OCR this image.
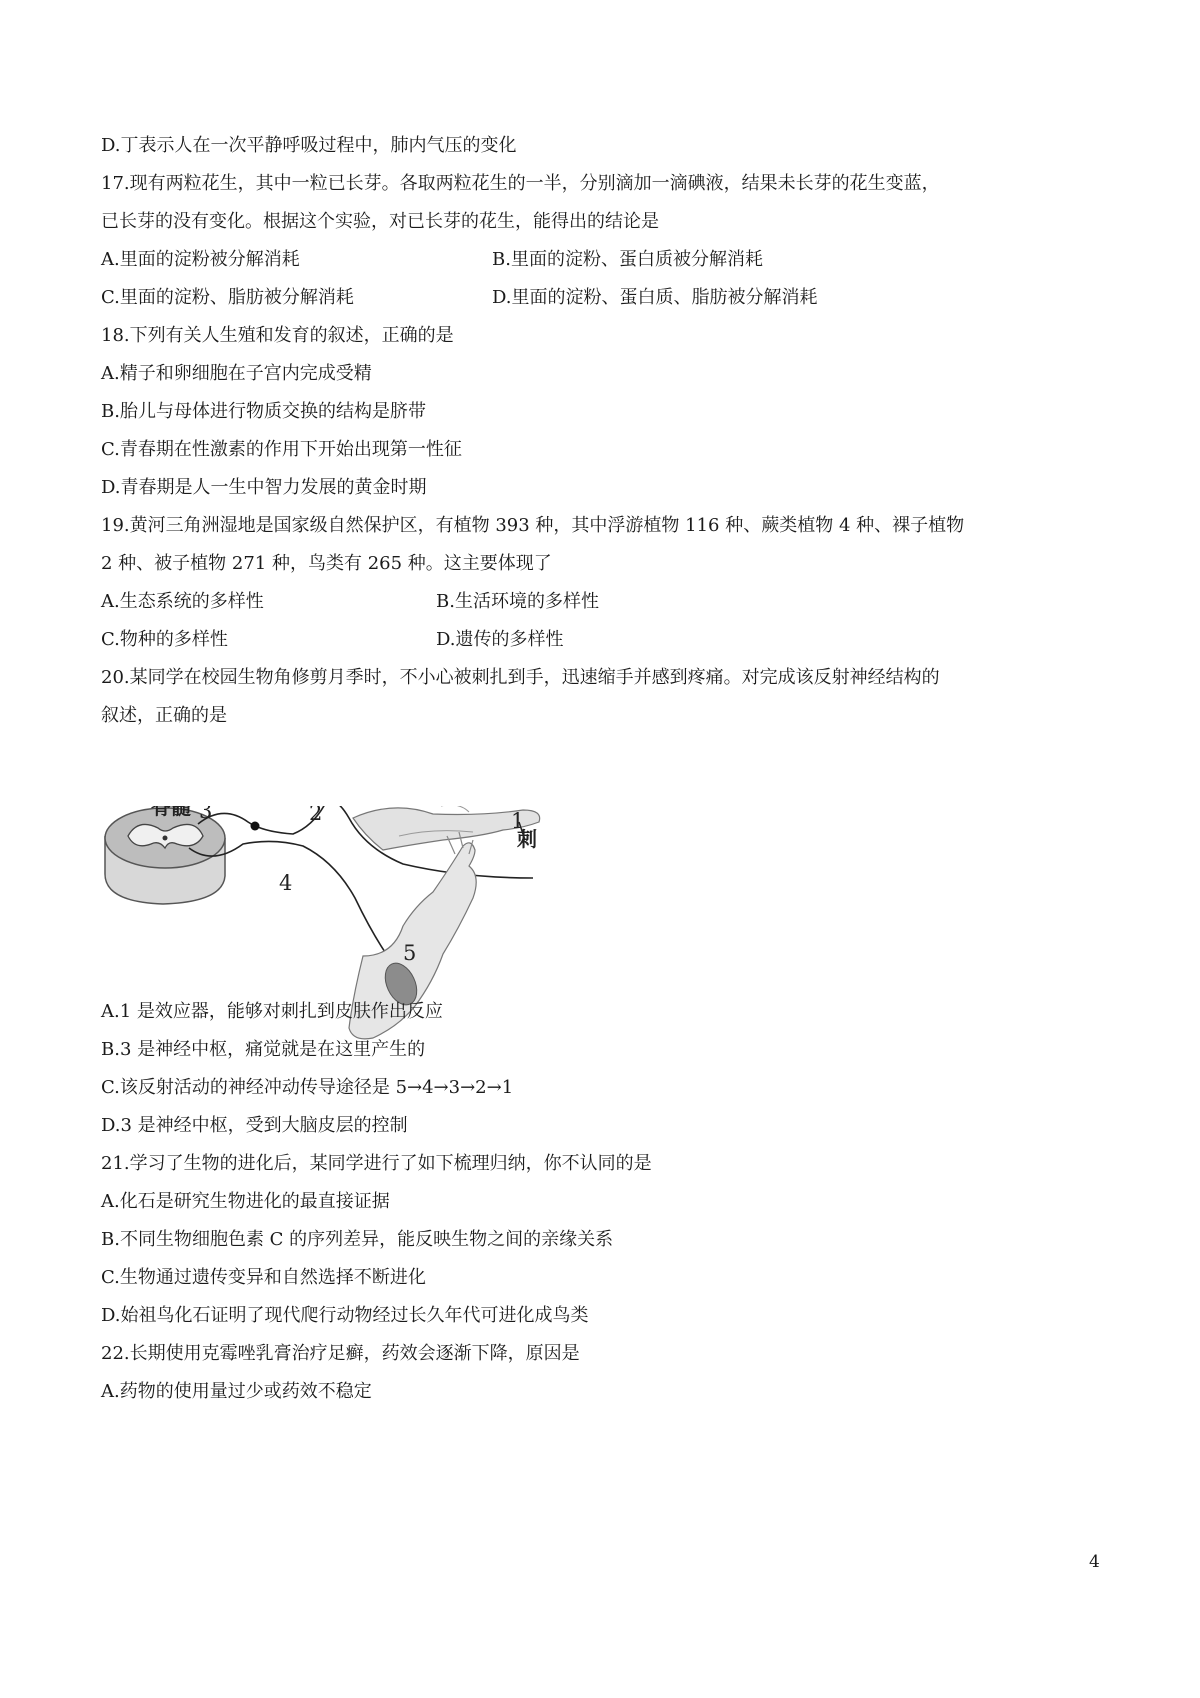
D.丁表示人在一次平静呼吸过程中，肺内气压的变化

17.现有两粒花生，其中一粒已长芽。各取两粒花生的一半，分别滴加一滴碘液，结果未长芽的花生变蓝，

已长芽的没有变化。根据这个实验，对已长芽的花生，能得出的结论是

A.里面的淀粉被分解消耗	B.里面的淀粉、蛋白质被分解消耗

C.里面的淀粉、脂肪被分解消耗	D.里面的淀粉、蛋白质、脂肪被分解消耗

18.下列有关人生殖和发育的叙述，正确的是

A.精子和卵细胞在子宫内完成受精

B.胎儿与母体进行物质交换的结构是脐带

C.青春期在性激素的作用下开始出现第一性征

D.青春期是人一生中智力发展的黄金时期

19.黄河三角洲湿地是国家级自然保护区，有植物 393 种，其中浮游植物 116 种、蕨类植物 4 种、裸子植物

2 种、被子植物 271 种，鸟类有 265 种。这主要体现了

A.生态系统的多样性	B.生活环境的多样性

C.物种的多样性	D.遗传的多样性

20.某同学在校园生物角修剪月季时，不小心被刺扎到手，迅速缩手并感到疼痛。对完成该反射神经结构的

叙述，正确的是

1
2
3
4
5
脊髓
刺

A.1 是效应器，能够对刺扎到皮肤作出反应

B.3 是神经中枢，痛觉就是在这里产生的

C.该反射活动的神经冲动传导途径是 5→4→3→2→1

D.3 是神经中枢，受到大脑皮层的控制

21.学习了生物的进化后，某同学进行了如下梳理归纳，你不认同的是

A.化石是研究生物进化的最直接证据

B.不同生物细胞色素 C 的序列差异，能反映生物之间的亲缘关系

C.生物通过遗传变异和自然选择不断进化

D.始祖鸟化石证明了现代爬行动物经过长久年代可进化成鸟类

22.长期使用克霉唑乳膏治疗足癣，药效会逐渐下降，原因是

A.药物的使用量过少或药效不稳定

4
